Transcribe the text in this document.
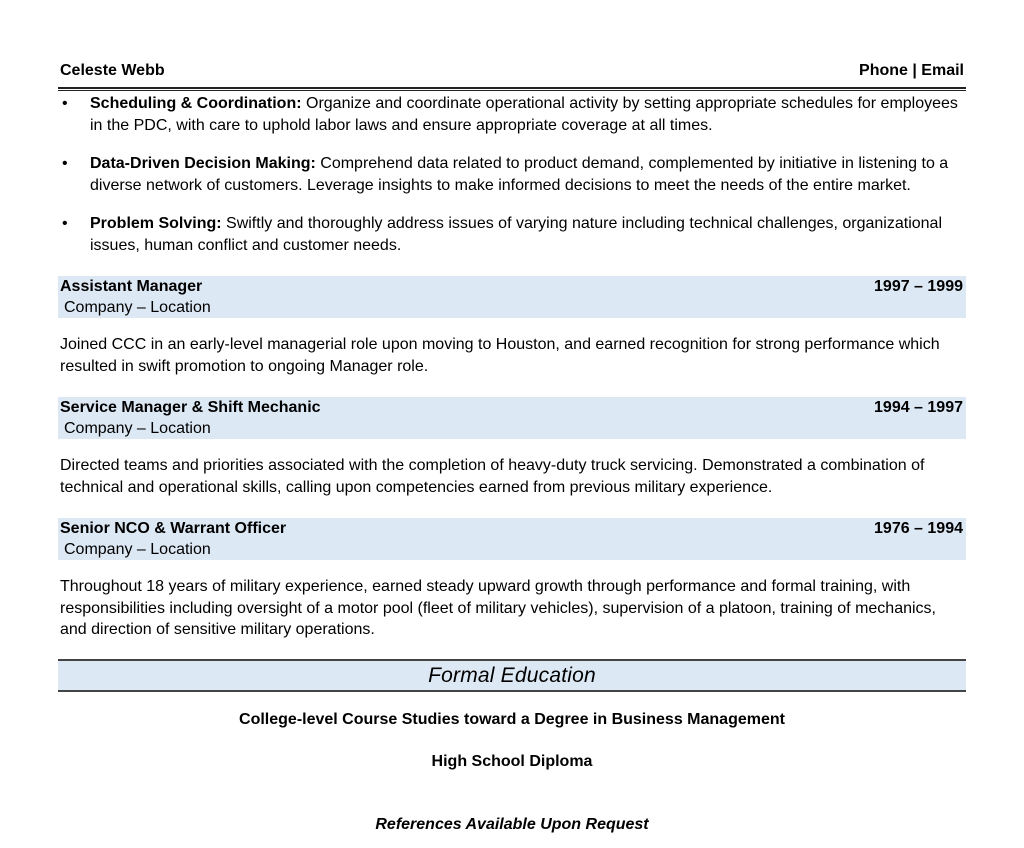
Celeste Webb	Phone | Email
• Scheduling & Coordination: Organize and coordinate operational activity by setting appropriate schedules for employees in the PDC, with care to uphold labor laws and ensure appropriate coverage at all times.
• Data-Driven Decision Making: Comprehend data related to product demand, complemented by initiative in listening to a diverse network of customers. Leverage insights to make informed decisions to meet the needs of the entire market.
• Problem Solving: Swiftly and thoroughly address issues of varying nature including technical challenges, organizational issues, human conflict and customer needs.
Assistant Manager	1997 – 1999
Company – Location

Joined CCC in an early-level managerial role upon moving to Houston, and earned recognition for strong performance which resulted in swift promotion to ongoing Manager role.

Service Manager & Shift Mechanic	1994 – 1997
Company – Location

Directed teams and priorities associated with the completion of heavy-duty truck servicing. Demonstrated a combination of technical and operational skills, calling upon competencies earned from previous military experience.

Senior NCO & Warrant Officer	1976 – 1994
Company – Location

Throughout 18 years of military experience, earned steady upward growth through performance and formal training, with responsibilities including oversight of a motor pool (fleet of military vehicles), supervision of a platoon, training of mechanics, and direction of sensitive military operations.

Formal Education
College-level Course Studies toward a Degree in Business Management
High School Diploma
References Available Upon Request
